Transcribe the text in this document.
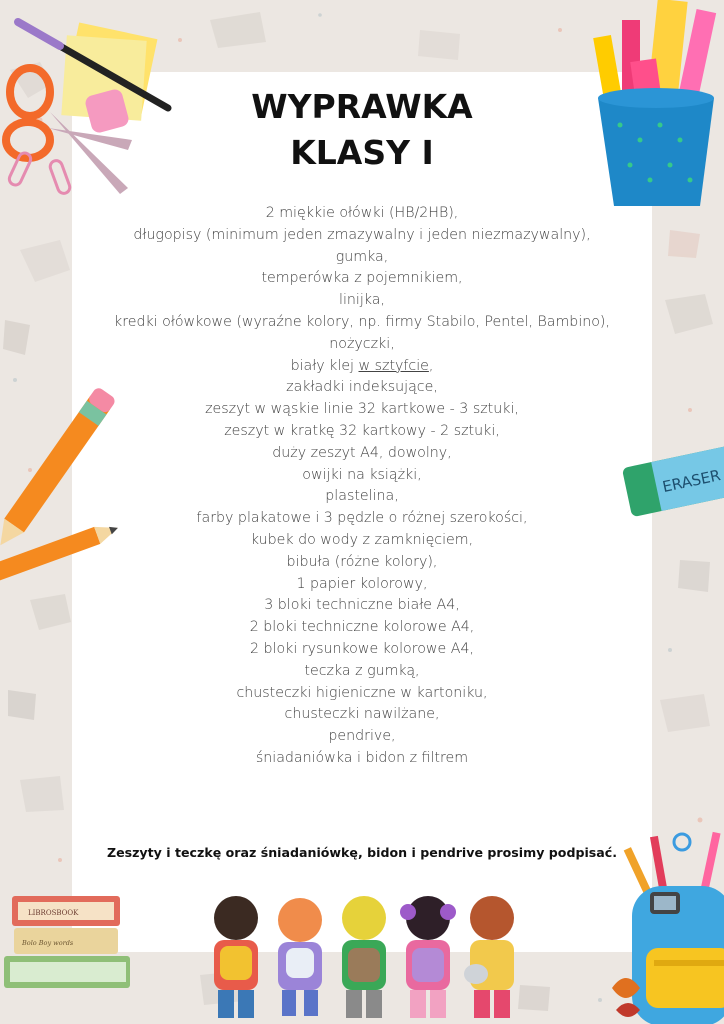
WYPRAWKA
KLASY I
2 miękkie ołówki (HB/2HB),
długopisy (minimum jeden zmazywalny i jeden niezmazywalny),
gumka,
temperówka z pojemnikiem,
linijka,
kredki ołówkowe (wyraźne kolory, np. firmy Stabilo, Pentel, Bambino),
nożyczki,
biały klej w sztyfcie,
zakładki indeksujące,
zeszyt w wąskie linie 32 kartkowe - 3 sztuki,
zeszyt w kratkę 32 kartkowy - 2 sztuki,
duży zeszyt A4, dowolny,
owijki na książki,
plastelina,
farby plakatowe i 3 pędzle o różnej szerokości,
kubek do wody z zamknięciem,
bibuła (różne kolory),
1 papier kolorowy,
3 bloki techniczne białe A4,
2 bloki techniczne kolorowe A4,
2 bloki rysunkowe kolorowe A4,
teczka z gumką,
chusteczki higieniczne w kartoniku,
chusteczki nawilżane,
pendrive,
śniadaniówka i bidon z filtrem
Zeszyty i teczkę oraz śniadaniówkę, bidon i pendrive prosimy podpisać.
ERASER
LIBROSBOOK
Bolo Boy words
